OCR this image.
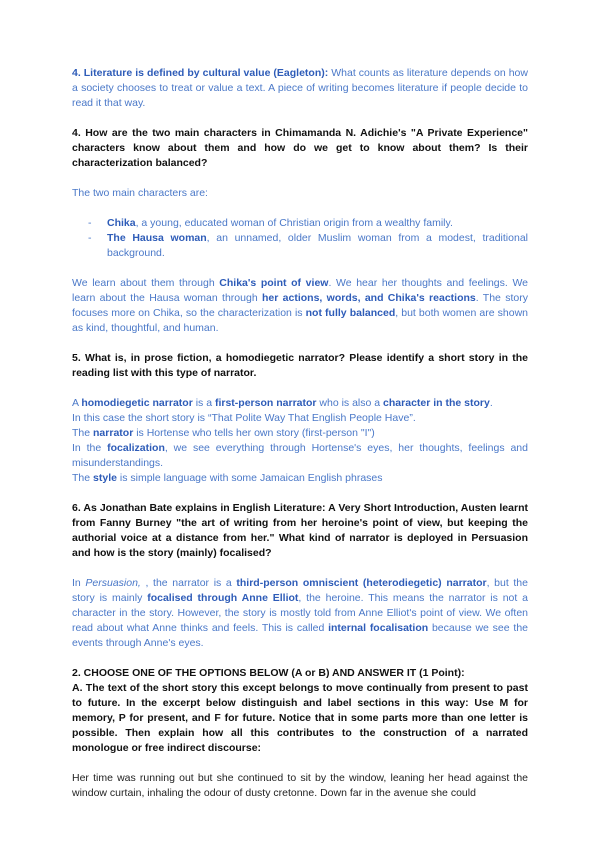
4. Literature is defined by cultural value (Eagleton): What counts as literature depends on how a society chooses to treat or value a text. A piece of writing becomes literature if people decide to read it that way.

4. How are the two main characters in Chimamanda N. Adichie's "A Private Experience" characters know about them and how do we get to know about them? Is their characterization balanced?

The two main characters are:

- Chika, a young, educated woman of Christian origin from a wealthy family.
- The Hausa woman, an unnamed, older Muslim woman from a modest, traditional background.

We learn about them through Chika's point of view. We hear her thoughts and feelings. We learn about the Hausa woman through her actions, words, and Chika's reactions. The story focuses more on Chika, so the characterization is not fully balanced, but both women are shown as kind, thoughtful, and human.

5. What is, in prose fiction, a homodiegetic narrator? Please identify a short story in the reading list with this type of narrator.

A homodiegetic narrator is a first-person narrator who is also a character in the story.

In this case the short story is “That Polite Way That English People Have”.

The narrator is Hortense who tells her own story (first-person "I")

In the focalization, we see everything through Hortense's eyes, her thoughts, feelings and misunderstandings.

The style is simple language with some Jamaican English phrases

6. As Jonathan Bate explains in English Literature: A Very Short Introduction, Austen learnt from Fanny Burney "the art of writing from her heroine's point of view, but keeping the authorial voice at a distance from her." What kind of narrator is deployed in Persuasion and how is the story (mainly) focalised?

In Persuasion, , the narrator is a third-person omniscient (heterodiegetic) narrator, but the story is mainly focalised through Anne Elliot, the heroine. This means the narrator is not a character in the story. However, the story is mostly told from Anne Elliot's point of view. We often read about what Anne thinks and feels. This is called internal focalisation because we see the events through Anne's eyes.

2. CHOOSE ONE OF THE OPTIONS BELOW (A or B) AND ANSWER IT (1 Point):

A. The text of the short story this except belongs to move continually from present to past to future. In the excerpt below distinguish and label sections in this way: Use M for memory, P for present, and F for future. Notice that in some parts more than one letter is possible. Then explain how all this contributes to the construction of a narrated monologue or free indirect discourse:

Her time was running out but she continued to sit by the window, leaning her head against the window curtain, inhaling the odour of dusty cretonne. Down far in the avenue she could
